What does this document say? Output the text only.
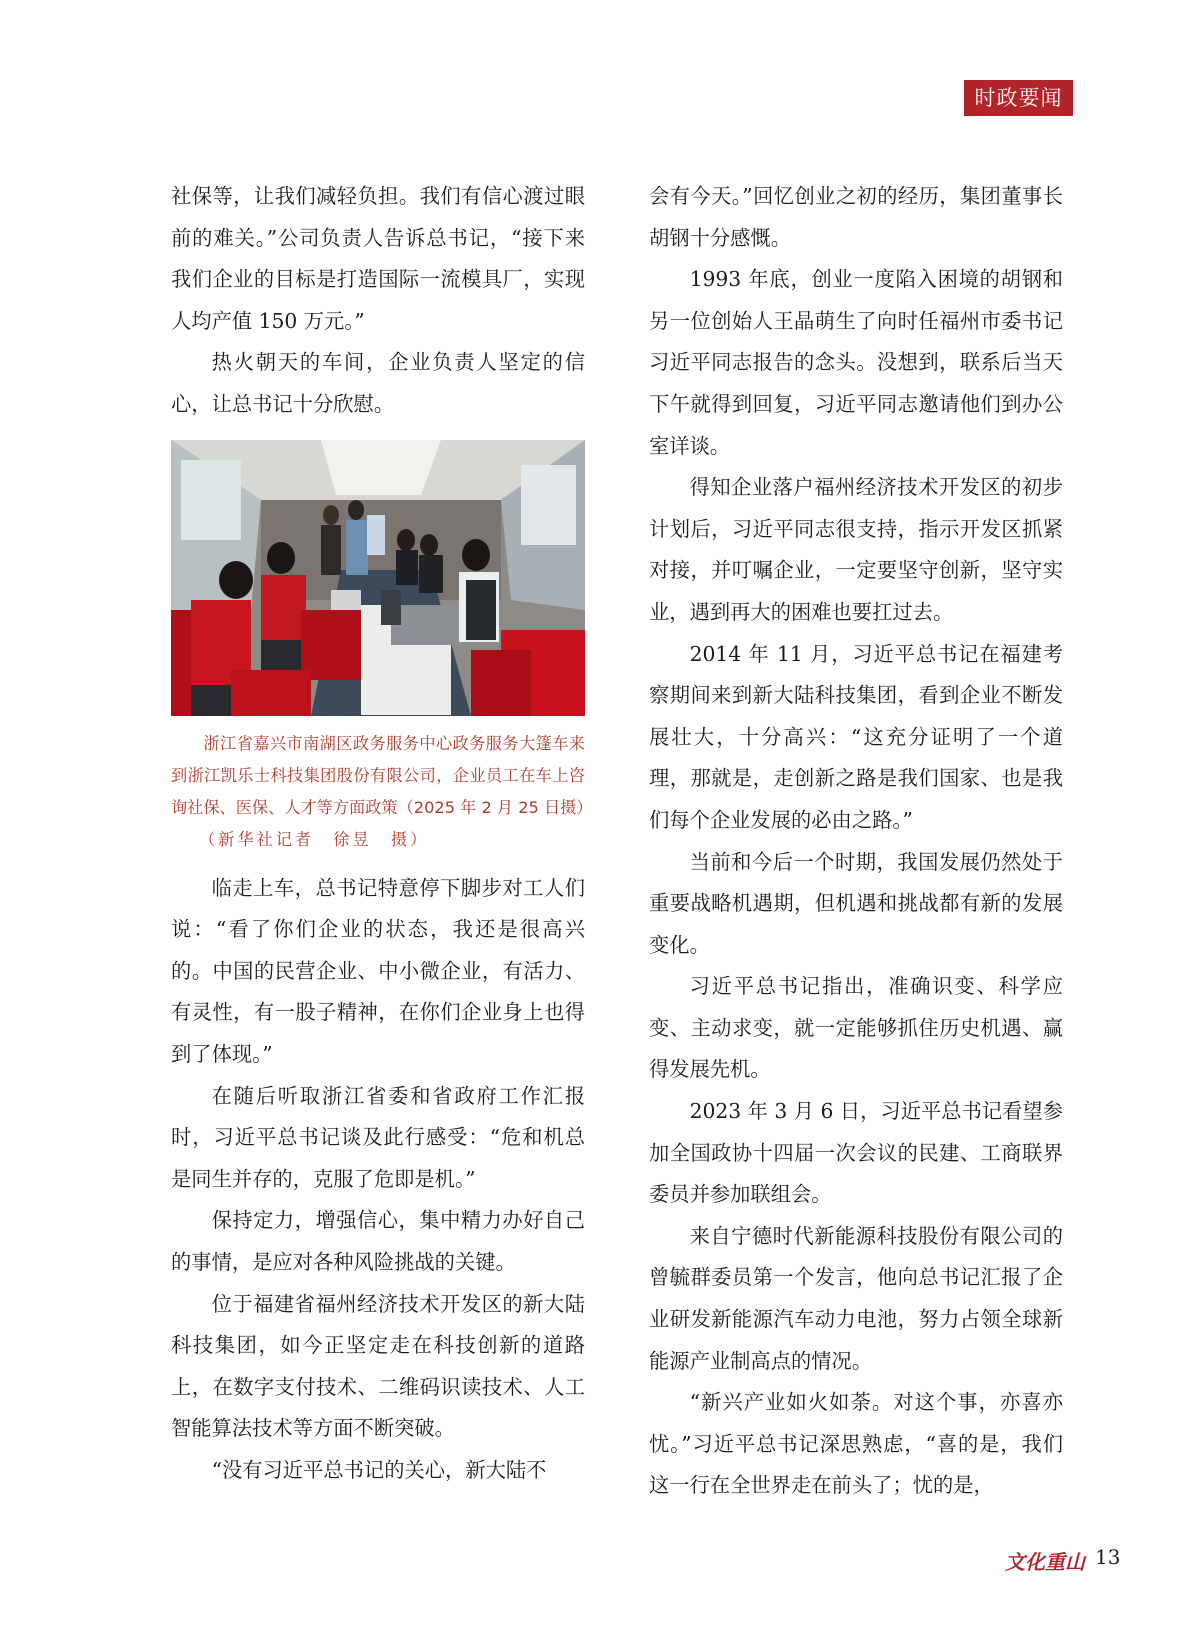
时政要闻

社保等，让我们减轻负担。我们有信心渡过眼前的难关。”公司负责人告诉总书记，“接下来我们企业的目标是打造国际一流模具厂，实现人均产值 150 万元。”

热火朝天的车间，企业负责人坚定的信心，让总书记十分欣慰。

浙江省嘉兴市南湖区政务服务中心政务服务大篷车来到浙江凯乐士科技集团股份有限公司，企业员工在车上咨询社保、医保、人才等方面政策（2025 年 2 月 25 日摄）（新华社记者　徐昱　摄）

临走上车，总书记特意停下脚步对工人们说：“看了你们企业的状态，我还是很高兴的。中国的民营企业、中小微企业，有活力、有灵性，有一股子精神，在你们企业身上也得到了体现。”

在随后听取浙江省委和省政府工作汇报时，习近平总书记谈及此行感受：“危和机总是同生并存的，克服了危即是机。”

保持定力，增强信心，集中精力办好自己的事情，是应对各种风险挑战的关键。

位于福建省福州经济技术开发区的新大陆科技集团，如今正坚定走在科技创新的道路上，在数字支付技术、二维码识读技术、人工智能算法技术等方面不断突破。

“没有习近平总书记的关心，新大陆不

会有今天。”回忆创业之初的经历，集团董事长胡钢十分感慨。

1993 年底，创业一度陷入困境的胡钢和另一位创始人王晶萌生了向时任福州市委书记习近平同志报告的念头。没想到，联系后当天下午就得到回复，习近平同志邀请他们到办公室详谈。

得知企业落户福州经济技术开发区的初步计划后，习近平同志很支持，指示开发区抓紧对接，并叮嘱企业，一定要坚守创新，坚守实业，遇到再大的困难也要扛过去。

2014 年 11 月，习近平总书记在福建考察期间来到新大陆科技集团，看到企业不断发展壮大，十分高兴：“这充分证明了一个道理，那就是，走创新之路是我们国家、也是我们每个企业发展的必由之路。”

当前和今后一个时期，我国发展仍然处于重要战略机遇期，但机遇和挑战都有新的发展变化。

习近平总书记指出，准确识变、科学应变、主动求变，就一定能够抓住历史机遇、赢得发展先机。

2023 年 3 月 6 日，习近平总书记看望参加全国政协十四届一次会议的民建、工商联界委员并参加联组会。

来自宁德时代新能源科技股份有限公司的曾毓群委员第一个发言，他向总书记汇报了企业研发新能源汽车动力电池，努力占领全球新能源产业制高点的情况。

“新兴产业如火如荼。对这个事，亦喜亦忧。”习近平总书记深思熟虑，“喜的是，我们这一行在全世界走在前头了；忧的是，

文化重山 13
